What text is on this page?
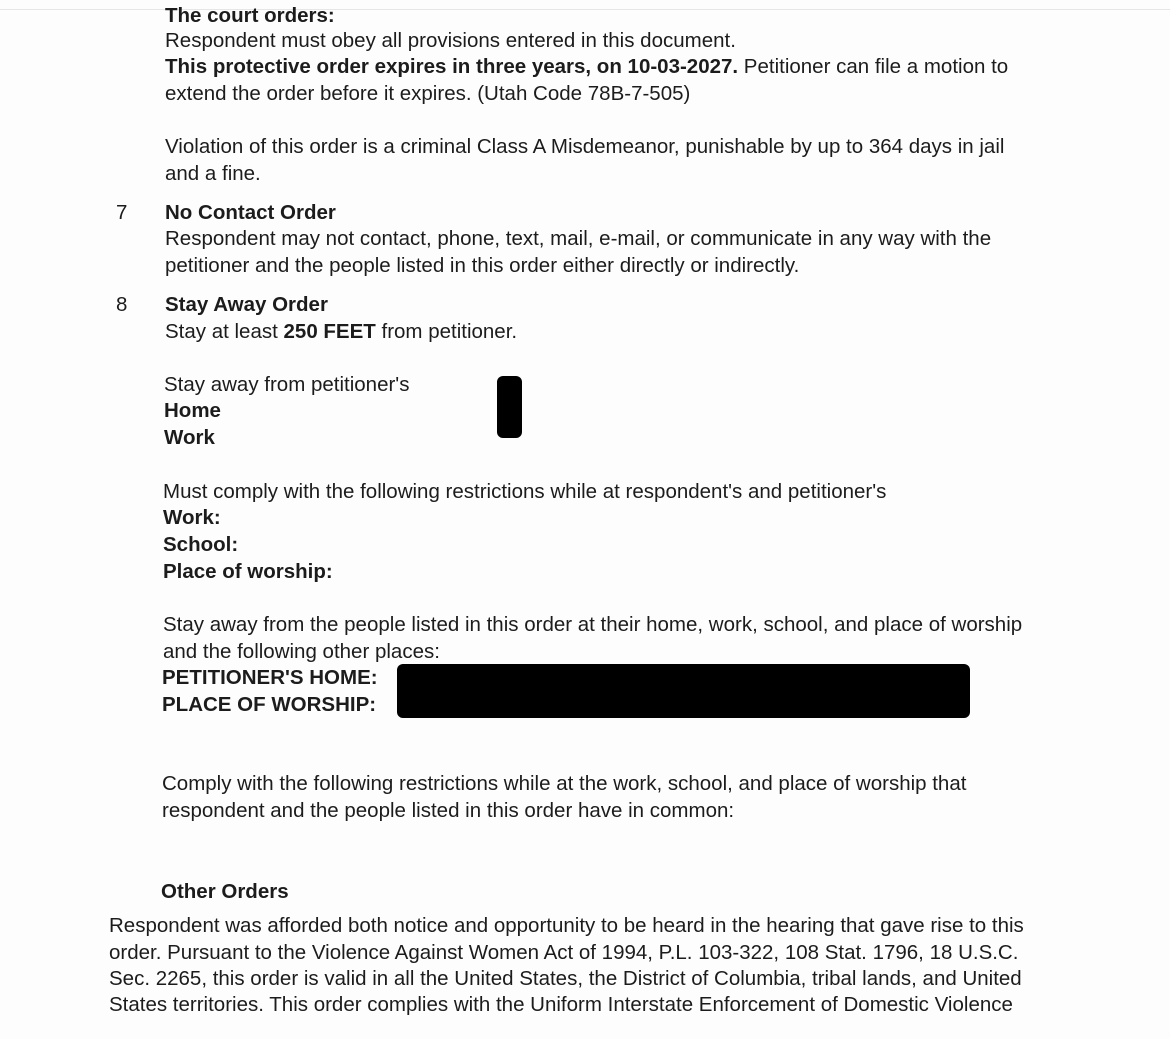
The court orders:
Respondent must obey all provisions entered in this document.
This protective order expires in three years, on 10-03-2027. Petitioner can file a motion to
extend the order before it expires. (Utah Code 78B-7-505)
Violation of this order is a criminal Class A Misdemeanor, punishable by up to 364 days in jail
and a fine.
7	No Contact Order
Respondent may not contact, phone, text, mail, e-mail, or communicate in any way with the
petitioner and the people listed in this order either directly or indirectly.
8	Stay Away Order
Stay at least 250 FEET from petitioner.
Stay away from petitioner's
Home
Work
Must comply with the following restrictions while at respondent's and petitioner's
Work:
School:
Place of worship:
Stay away from the people listed in this order at their home, work, school, and place of worship
and the following other places:
PETITIONER'S HOME:
PLACE OF WORSHIP:
Comply with the following restrictions while at the work, school, and place of worship that
respondent and the people listed in this order have in common:
Other Orders
Respondent was afforded both notice and opportunity to be heard in the hearing that gave rise to this
order. Pursuant to the Violence Against Women Act of 1994, P.L. 103-322, 108 Stat. 1796, 18 U.S.C.
Sec. 2265, this order is valid in all the United States, the District of Columbia, tribal lands, and United
States territories. This order complies with the Uniform Interstate Enforcement of Domestic Violence
